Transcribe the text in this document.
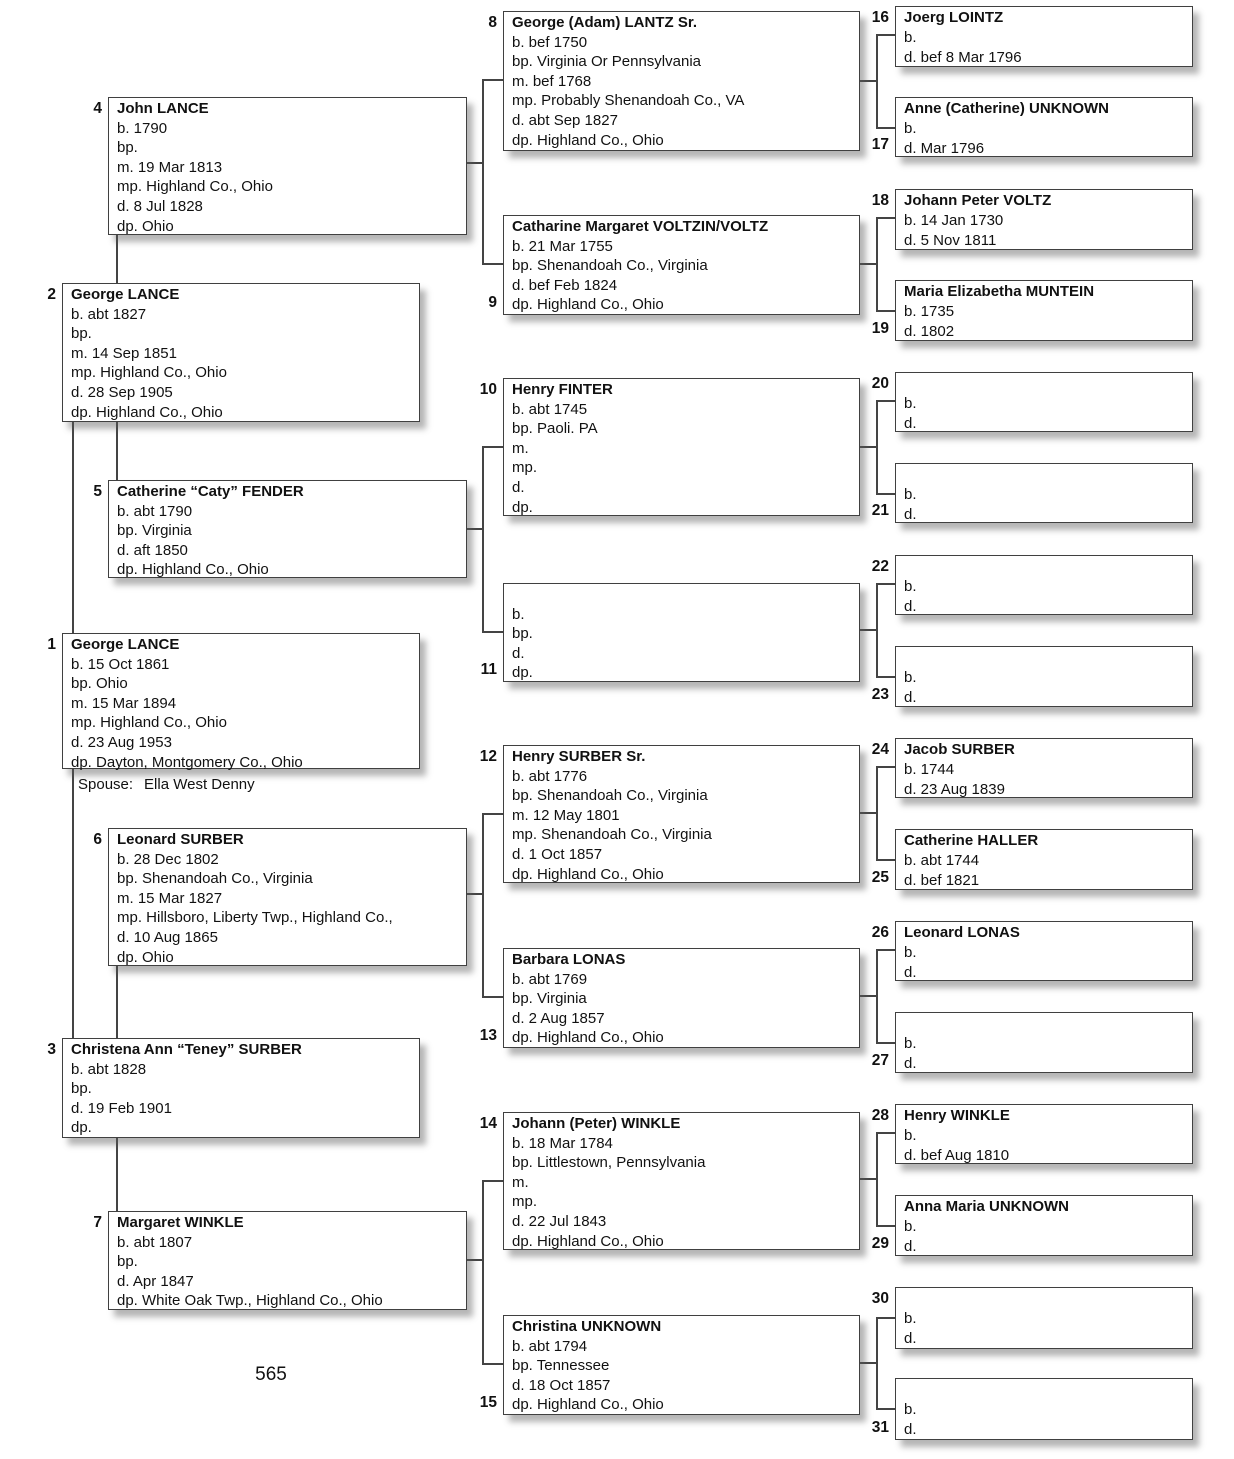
1 George LANCE
b. 15 Oct 1861
bp. Ohio
m. 15 Mar 1894
mp. Highland Co., Ohio
d. 23 Aug 1953
dp. Dayton, Montgomery Co., Ohio
Spouse: Ella West Denny
2 George LANCE
b. abt 1827
bp.
m. 14 Sep 1851
mp. Highland Co., Ohio
d. 28 Sep 1905
dp. Highland Co., Ohio
3 Christena Ann “Teney” SURBER
b. abt 1828
bp.
d. 19 Feb 1901
dp.
4 John LANCE
b. 1790
bp.
m. 19 Mar 1813
mp. Highland Co., Ohio
d. 8 Jul 1828
dp. Ohio
5 Catherine “Caty” FENDER
b. abt 1790
bp. Virginia
d. aft 1850
dp. Highland Co., Ohio
6 Leonard SURBER
b. 28 Dec 1802
bp. Shenandoah Co., Virginia
m. 15 Mar 1827
mp. Hillsboro, Liberty Twp., Highland Co.,
d. 10 Aug 1865
dp. Ohio
7 Margaret WINKLE
b. abt 1807
bp.
d. Apr 1847
dp. White Oak Twp., Highland Co., Ohio
8 George (Adam) LANTZ Sr.
b. bef 1750
bp. Virginia Or Pennsylvania
m. bef 1768
mp. Probably Shenandoah Co., VA
d. abt Sep 1827
dp. Highland Co., Ohio
9
Catharine Margaret VOLTZIN/VOLTZ
b. 21 Mar 1755
bp. Shenandoah Co., Virginia
d. bef Feb 1824
dp. Highland Co., Ohio
10 Henry FINTER
b. abt 1745
bp. Paoli. PA
m.
mp.
d.
dp.
11
b.
bp.
d.
dp.
12 Henry SURBER Sr.
b. abt 1776
bp. Shenandoah Co., Virginia
m. 12 May 1801
mp. Shenandoah Co., Virginia
d. 1 Oct 1857
dp. Highland Co., Ohio
13
Barbara LONAS
b. abt 1769
bp. Virginia
d. 2 Aug 1857
dp. Highland Co., Ohio
14 Johann (Peter) WINKLE
b. 18 Mar 1784
bp. Littlestown, Pennsylvania
m.
mp.
d. 22 Jul 1843
dp. Highland Co., Ohio
15
Christina UNKNOWN
b. abt 1794
bp. Tennessee
d. 18 Oct 1857
dp. Highland Co., Ohio
16 Joerg LOINTZ
b.
d. bef 8 Mar 1796
17
Anne (Catherine) UNKNOWN
b.
d. Mar 1796
18 Johann Peter VOLTZ
b. 14 Jan 1730
d. 5 Nov 1811
19
Maria Elizabetha MUNTEIN
b. 1735
d. 1802
20
b.
d.
21
b.
d.
22
b.
d.
23
b.
d.
24 Jacob SURBER
b. 1744
d. 23 Aug 1839
25
Catherine HALLER
b. abt 1744
d. bef 1821
26 Leonard LONAS
b.
d.
27
b.
d.
28 Henry WINKLE
b.
d. bef Aug 1810
29
Anna Maria UNKNOWN
b.
d.
30
b.
d.
31
b.
d.
565
